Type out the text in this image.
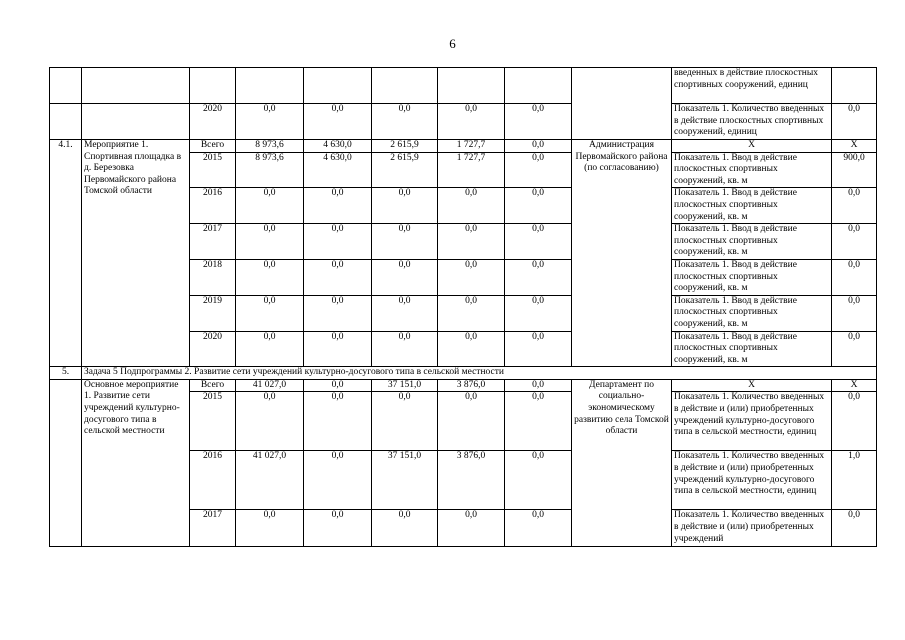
6
									введенных в действие плоскостных спортивных сооружений, единиц	
		2020	0,0	0,0	0,0	0,0	0,0		Показатель 1. Количество введенных в действие плоскостных спортивных сооружений, единиц	0,0
4.1.	Мероприятие 1. Спортивная площадка в д. Березовка Первомайского района Томской области	Всего	8 973,6	4 630,0	2 615,9	1 727,7	0,0	Администрация Первомайского района (по согласованию)	Х	Х
		2015	8 973,6	4 630,0	2 615,9	1 727,7	0,0		Показатель 1. Ввод в действие плоскостных спортивных сооружений, кв. м	900,0
		2016	0,0	0,0	0,0	0,0	0,0		Показатель 1. Ввод в действие плоскостных спортивных сооружений, кв. м	0,0
		2017	0,0	0,0	0,0	0,0	0,0		Показатель 1. Ввод в действие плоскостных спортивных сооружений, кв. м	0,0
		2018	0,0	0,0	0,0	0,0	0,0		Показатель 1. Ввод в действие плоскостных спортивных сооружений, кв. м	0,0
		2019	0,0	0,0	0,0	0,0	0,0		Показатель 1. Ввод в действие плоскостных спортивных сооружений, кв. м	0,0
		2020	0,0	0,0	0,0	0,0	0,0		Показатель 1. Ввод в действие плоскостных спортивных сооружений, кв. м	0,0
5.	Задача 5 Подпрограммы 2. Развитие сети учреждений культурно-досугового типа в сельской местности									
	Основное мероприятие 1. Развитие сети учреждений культурно-досугового типа в сельской местности	Всего	41 027,0	0,0	37 151,0	3 876,0	0,0	Департамент по социально-экономическому развитию села Томской области	Х	Х
		2015	0,0	0,0	0,0	0,0	0,0		Показатель 1. Количество введенных в действие и (или) приобретенных учреждений культурно-досугового типа в сельской местности, единиц	0,0
		2016	41 027,0	0,0	37 151,0	3 876,0	0,0		Показатель 1. Количество введенных в действие и (или) приобретенных учреждений культурно-досугового типа в сельской местности, единиц	1,0
		2017	0,0	0,0	0,0	0,0	0,0		Показатель 1. Количество введенных в действие и (или) приобретенных учреждений	0,0
